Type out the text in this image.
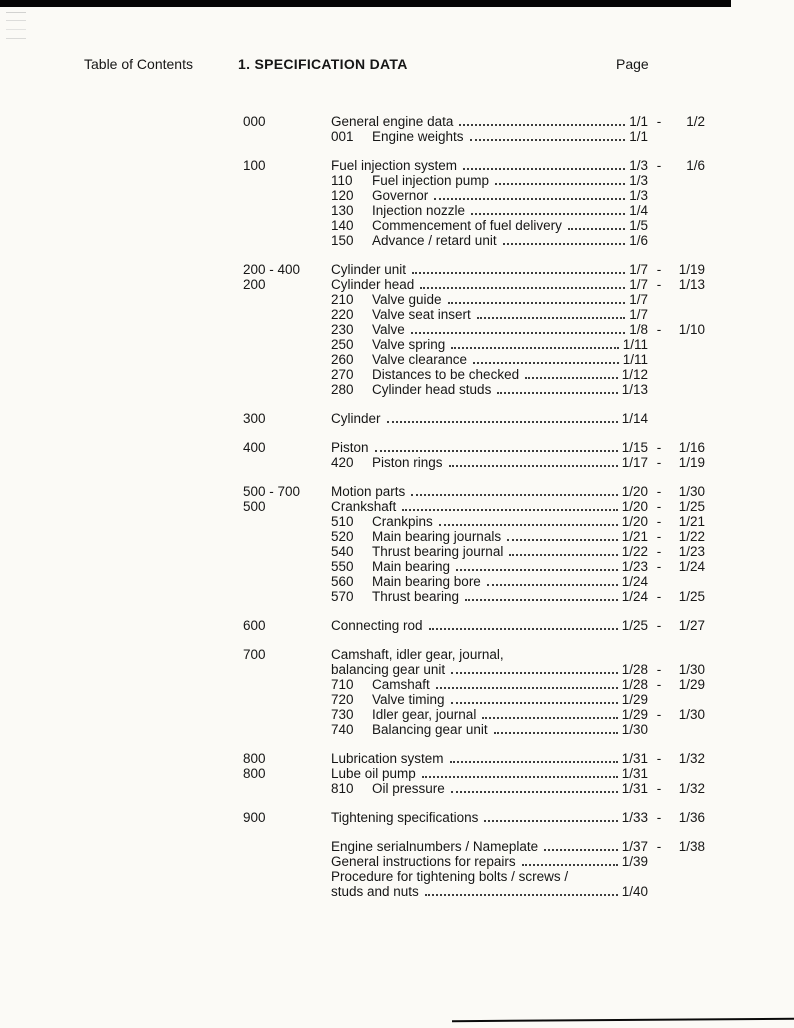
Table of Contents	1. SPECIFICATION DATA	Page
000	General engine data	1/1 -	1/2
001	Engine weights	1/1
100	Fuel injection system	1/3 -	1/6
110	Fuel injection pump	1/3
120	Governor	1/3
130	Injection nozzle	1/4
140	Commencement of fuel delivery	1/5
150	Advance / retard unit	1/6
200 - 400	Cylinder unit	1/7 -	1/19
200	Cylinder head	1/7 -	1/13
210	Valve guide	1/7
220	Valve seat insert	1/7
230	Valve	1/8 -	1/10
250	Valve spring	1/11
260	Valve clearance	1/11
270	Distances to be checked	1/12
280	Cylinder head studs	1/13
300	Cylinder	1/14
400	Piston	1/15 -	1/16
420	Piston rings	1/17 -	1/19
500 - 700	Motion parts	1/20 -	1/30
500	Crankshaft	1/20 -	1/25
510	Crankpins	1/20 -	1/21
520	Main bearing journals	1/21 -	1/22
540	Thrust bearing journal	1/22 -	1/23
550	Main bearing	1/23 -	1/24
560	Main bearing bore	1/24
570	Thrust bearing	1/24 -	1/25
600	Connecting rod	1/25 -	1/27
700	Camshaft, idler gear, journal,
balancing gear unit	1/28 -	1/30
710	Camshaft	1/28 -	1/29
720	Valve timing	1/29
730	Idler gear, journal	1/29 -	1/30
740	Balancing gear unit	1/30
800	Lubrication system	1/31 -	1/32
800	Lube oil pump	1/31
810	Oil pressure	1/31 -	1/32
900	Tightening specifications	1/33 -	1/36
Engine serialnumbers / Nameplate	1/37 -	1/38
General instructions for repairs	1/39
Procedure for tightening bolts / screws /
studs and nuts	1/40
